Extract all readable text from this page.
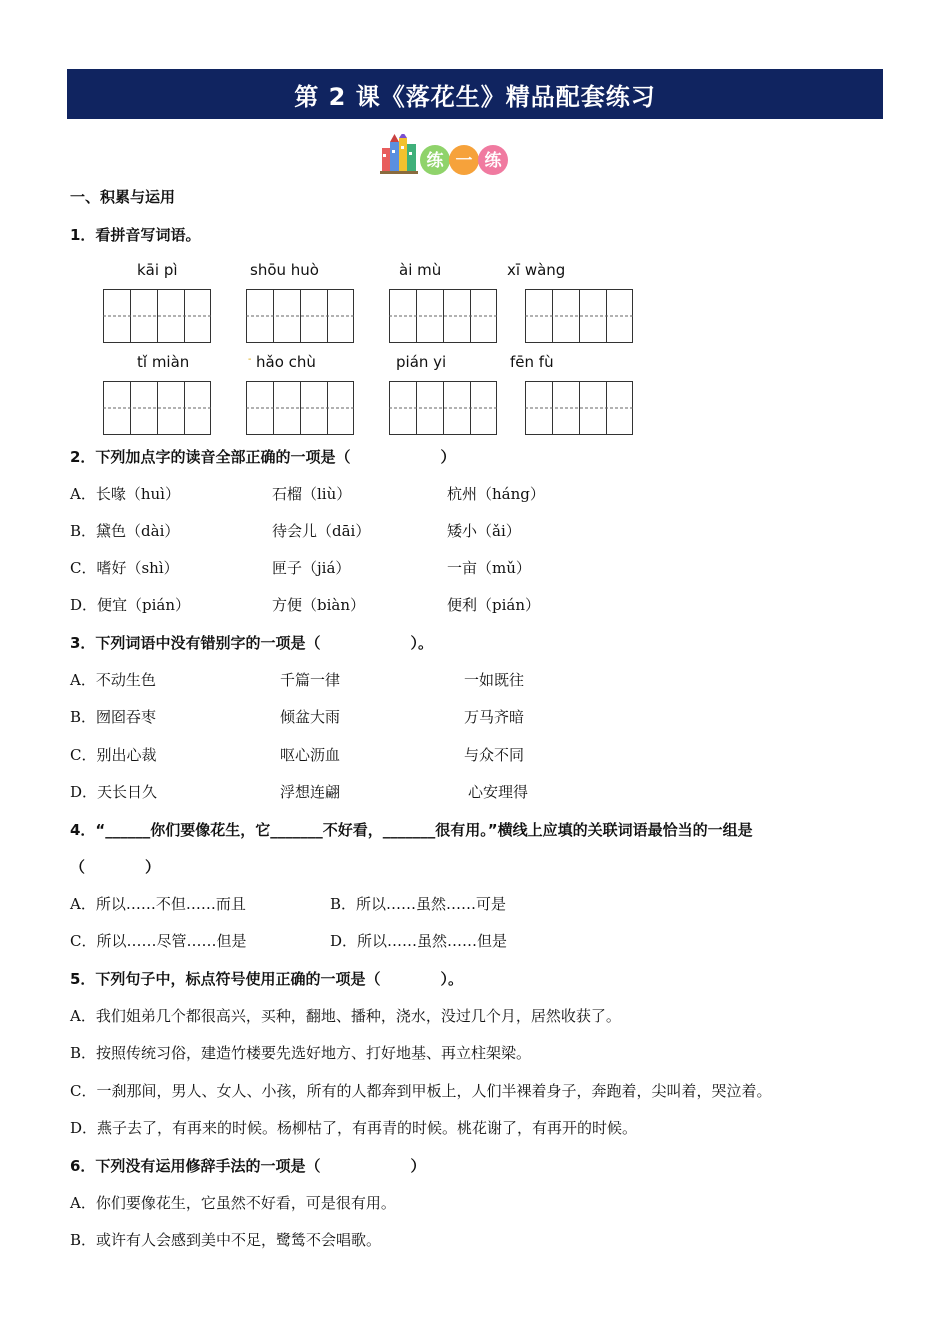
第 2 课《落花生》精品配套练习
练 一 练
一、积累与运用
1．看拼音写词语。
kāi pì	shōu huò	ài mù	xī wàng
tǐ miàn	- hǎo chù	pián yi	fēn fù
2．下列加点字的读音全部正确的一项是（　　　　　　）
A．长喙（huì）	石榴（liù）	杭州（háng）
B．黛色（dài）	待会儿（dāi）	矮小（ǎi）
C．嗜好（shì）	匣子（jiá）	一亩（mǔ）
D．便宜（pián）	方便（biàn）	便利（pián）
3．下列词语中没有错别字的一项是（　　　　　　）。
A．不动生色	千篇一律	一如既往
B．囫囵吞枣	倾盆大雨	万马齐暗
C．别出心裁	呕心沥血	与众不同
D．天长日久	浮想连翩	心安理得
4．“______你们要像花生，它_______不好看，_______很有用。”横线上应填的关联词语最恰当的一组是
（　　　　）
A．所以……不但……而且	B．所以……虽然……可是
C．所以……尽管……但是	D．所以……虽然……但是
5．下列句子中，标点符号使用正确的一项是（　　　　）。
A．我们姐弟几个都很高兴，买种，翻地、播种，浇水，没过几个月，居然收获了。
B．按照传统习俗，建造竹楼要先选好地方、打好地基、再立柱架梁。
C．一刹那间，男人、女人、小孩，所有的人都奔到甲板上，人们半裸着身子，奔跑着，尖叫着，哭泣着。
D．燕子去了，有再来的时候。杨柳枯了，有再青的时候。桃花谢了，有再开的时候。
6．下列没有运用修辞手法的一项是（　　　　　　）
A．你们要像花生，它虽然不好看，可是很有用。
B．或许有人会感到美中不足，鹭鸶不会唱歌。
